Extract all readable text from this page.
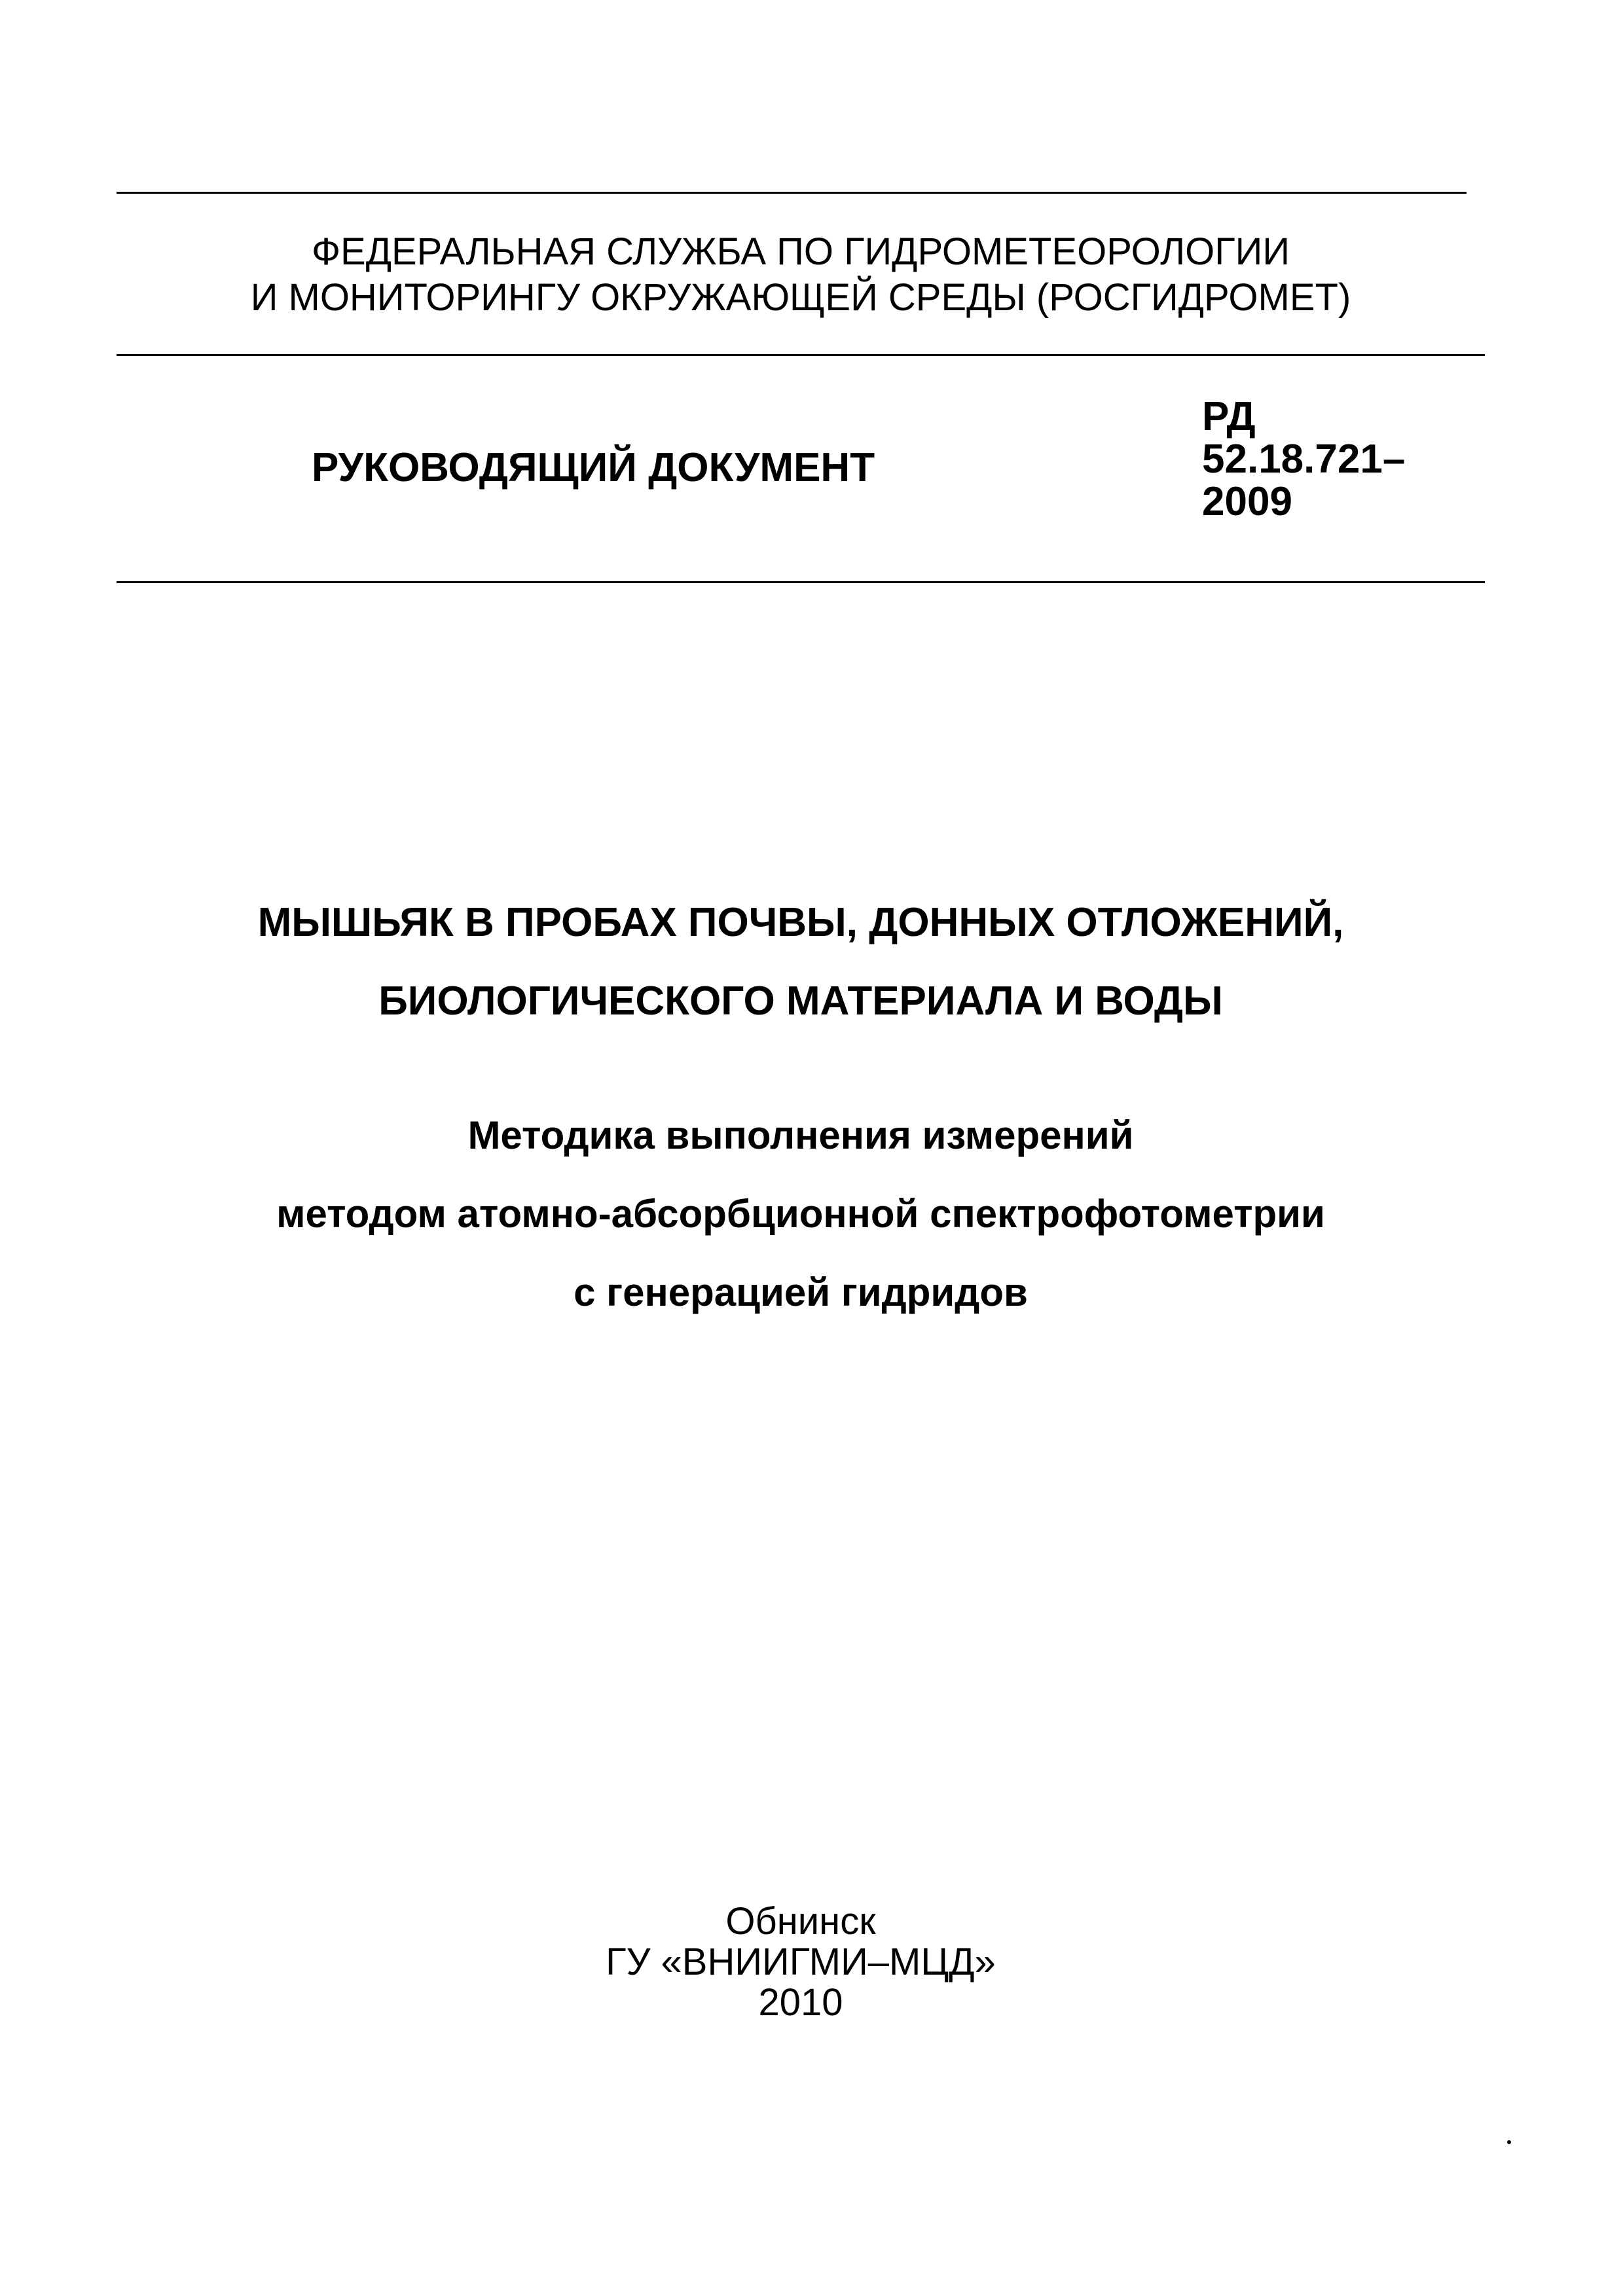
ФЕДЕРАЛЬНАЯ СЛУЖБА ПО ГИДРОМЕТЕОРОЛОГИИ
И МОНИТОРИНГУ ОКРУЖАЮЩЕЙ СРЕДЫ (РОСГИДРОМЕТ)
РУКОВОДЯЩИЙ ДОКУМЕНТ
РД
52.18.721–
2009
МЫШЬЯК В ПРОБАХ ПОЧВЫ, ДОННЫХ ОТЛОЖЕНИЙ,
БИОЛОГИЧЕСКОГО МАТЕРИАЛА И ВОДЫ
Методика выполнения измерений
методом атомно-абсорбционной спектрофотометрии
с генерацией гидридов
Обнинск
ГУ «ВНИИГМИ–МЦД»
2010
